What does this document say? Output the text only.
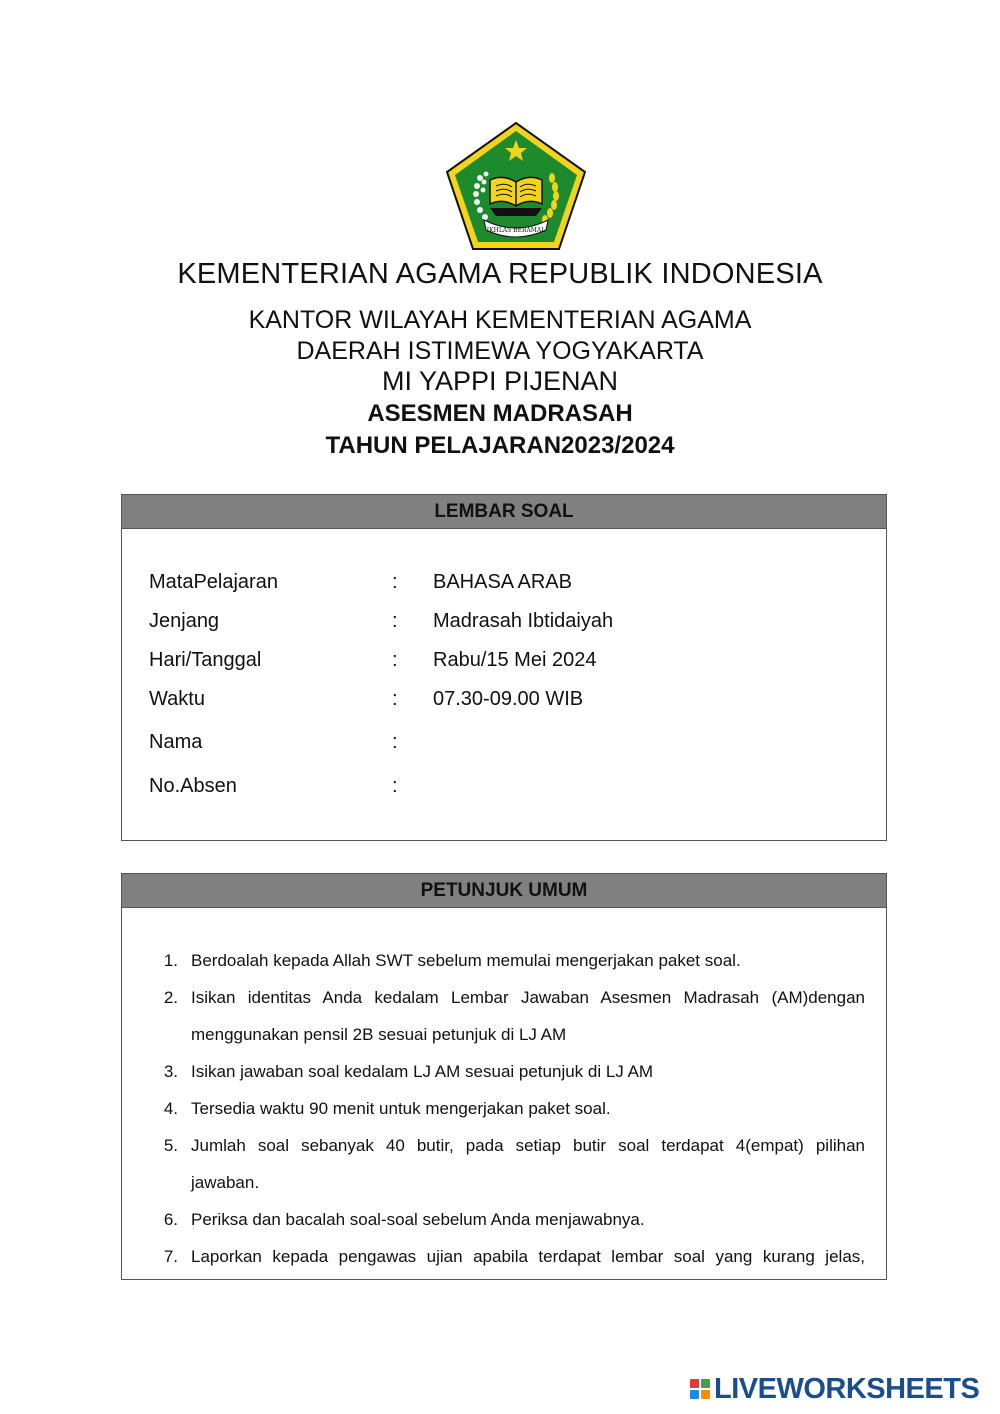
IKHLAS BERAMAL
KEMENTERIAN AGAMA REPUBLIK INDONESIA
KANTOR WILAYAH KEMENTERIAN AGAMA
DAERAH ISTIMEWA YOGYAKARTA
MI YAPPI PIJENAN
ASESMEN MADRASAH
TAHUN PELAJARAN2023/2024
LEMBAR SOAL
MataPelajaran	: BAHASA ARAB
Jenjang	: Madrasah Ibtidaiyah
Hari/Tanggal	: Rabu/15 Mei 2024
Waktu	: 07.30-09.00 WIB
Nama	:
No.Absen	:
PETUNJUK UMUM
1. Berdoalah kepada Allah SWT sebelum memulai mengerjakan paket soal.
2. Isikan identitas Anda kedalam Lembar Jawaban Asesmen Madrasah (AM)dengan
menggunakan pensil 2B sesuai petunjuk di LJ AM
3. Isikan jawaban soal kedalam LJ AM sesuai petunjuk di LJ AM
4. Tersedia waktu 90 menit untuk mengerjakan paket soal.
5. Jumlah soal sebanyak 40 butir, pada setiap butir soal terdapat 4(empat) pilihan
jawaban.
6. Periksa dan bacalah soal-soal sebelum Anda menjawabnya.
7. Laporkan kepada pengawas ujian apabila terdapat lembar soal yang kurang jelas,
LIVEWORKSHEETS
